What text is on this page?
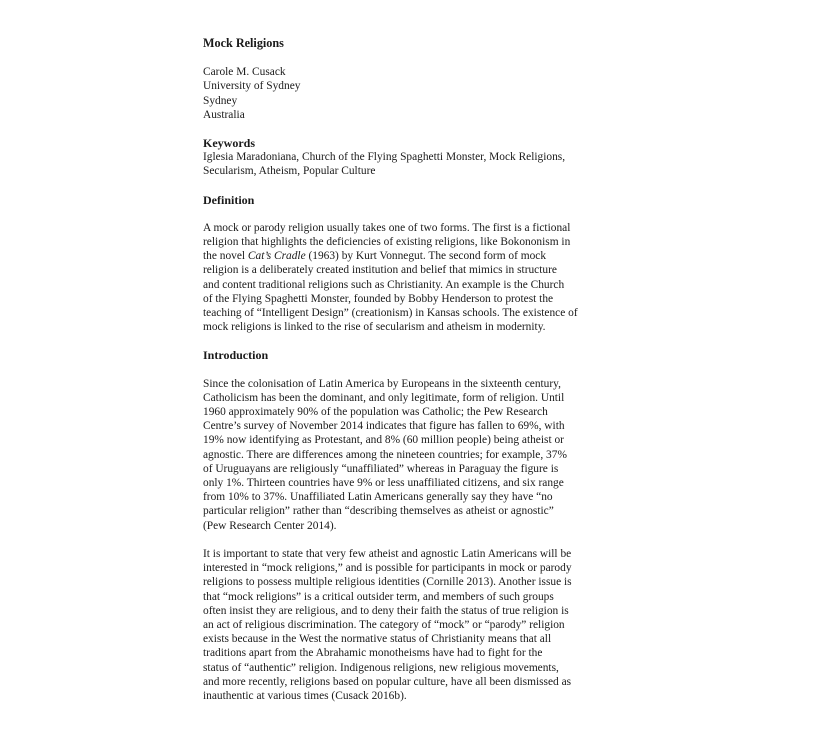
Mock Religions

Carole M. Cusack
University of Sydney
Sydney
Australia

Keywords
Iglesia Maradoniana, Church of the Flying Spaghetti Monster, Mock Religions,
Secularism, Atheism, Popular Culture

Definition

A mock or parody religion usually takes one of two forms. The first is a fictional
religion that highlights the deficiencies of existing religions, like Bokononism in
the novel Cat’s Cradle (1963) by Kurt Vonnegut. The second form of mock
religion is a deliberately created institution and belief that mimics in structure
and content traditional religions such as Christianity. An example is the Church
of the Flying Spaghetti Monster, founded by Bobby Henderson to protest the
teaching of “Intelligent Design” (creationism) in Kansas schools. The existence of
mock religions is linked to the rise of secularism and atheism in modernity.

Introduction

Since the colonisation of Latin America by Europeans in the sixteenth century,
Catholicism has been the dominant, and only legitimate, form of religion. Until
1960 approximately 90% of the population was Catholic; the Pew Research
Centre’s survey of November 2014 indicates that figure has fallen to 69%, with
19% now identifying as Protestant, and 8% (60 million people) being atheist or
agnostic. There are differences among the nineteen countries; for example, 37%
of Uruguayans are religiously “unaffiliated” whereas in Paraguay the figure is
only 1%. Thirteen countries have 9% or less unaffiliated citizens, and six range
from 10% to 37%. Unaffiliated Latin Americans generally say they have “no
particular religion” rather than “describing themselves as atheist or agnostic”
(Pew Research Center 2014).

It is important to state that very few atheist and agnostic Latin Americans will be
interested in “mock religions,” and is possible for participants in mock or parody
religions to possess multiple religious identities (Cornille 2013). Another issue is
that “mock religions” is a critical outsider term, and members of such groups
often insist they are religious, and to deny their faith the status of true religion is
an act of religious discrimination. The category of “mock” or “parody” religion
exists because in the West the normative status of Christianity means that all
traditions apart from the Abrahamic monotheisms have had to fight for the
status of “authentic” religion. Indigenous religions, new religious movements,
and more recently, religions based on popular culture, have all been dismissed as
inauthentic at various times (Cusack 2016b).
